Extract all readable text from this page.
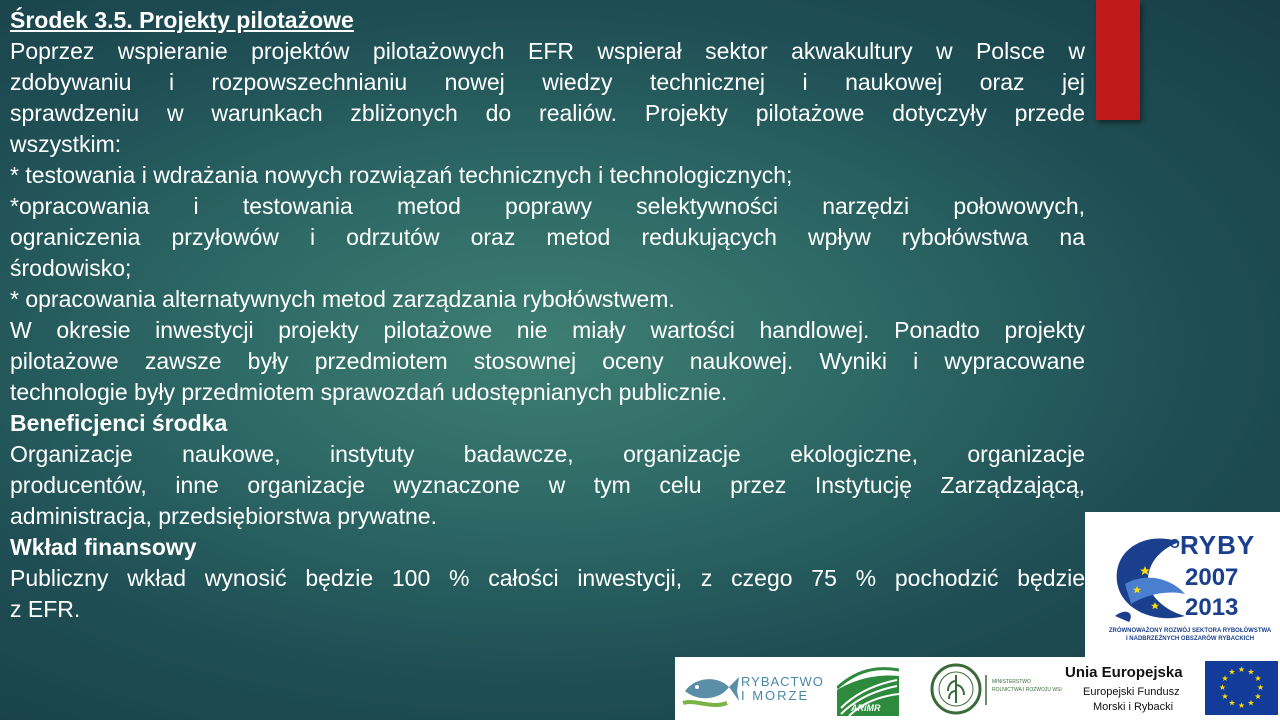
Środek 3.5. Projekty pilotażowe
Poprzez wspieranie projektów pilotażowych EFR wspierał sektor akwakultury w Polsce w
zdobywaniu i rozpowszechnianiu nowej wiedzy technicznej i naukowej oraz jej
sprawdzeniu w warunkach zbliżonych do realiów. Projekty pilotażowe dotyczyły przede
wszystkim:
* testowania i wdrażania nowych rozwiązań technicznych i technologicznych;
*opracowania i testowania metod poprawy selektywności narzędzi połowowych,
ograniczenia przyłowów i odrzutów oraz metod redukujących wpływ rybołówstwa na
środowisko;
* opracowania alternatywnych metod zarządzania rybołówstwem.
W okresie inwestycji projekty pilotażowe nie miały wartości handlowej. Ponadto projekty
pilotażowe zawsze były przedmiotem stosownej oceny naukowej. Wyniki i wypracowane
technologie były przedmiotem sprawozdań udostępnianych publicznie.
Beneficjenci środka
Organizacje naukowe, instytuty badawcze, organizacje ekologiczne, organizacje
producentów, inne organizacje wyznaczone w tym celu przez Instytucję Zarządzającą,
administracja, przedsiębiorstwa prywatne.
Wkład finansowy
Publiczny wkład wynosić będzie 100 % całości inwestycji, z czego 75 % pochodzić będzie
z EFR.
PO RYBY
2007
2013
ZRÓWNOWAŻONY ROZWÓJ SEKTORA RYBOŁÓWSTWA
I NADBRZEŻNYCH OBSZARÓW RYBACKICH
RYBACTWO
I MORZE
ARiMR
MINISTERSTWO
ROLNICTWA I ROZWOJU WSI
Unia Europejska
Europejski Fundusz
Morski i Rybacki
★ ★
★
★
★
★
★
★
★
★
★
★
